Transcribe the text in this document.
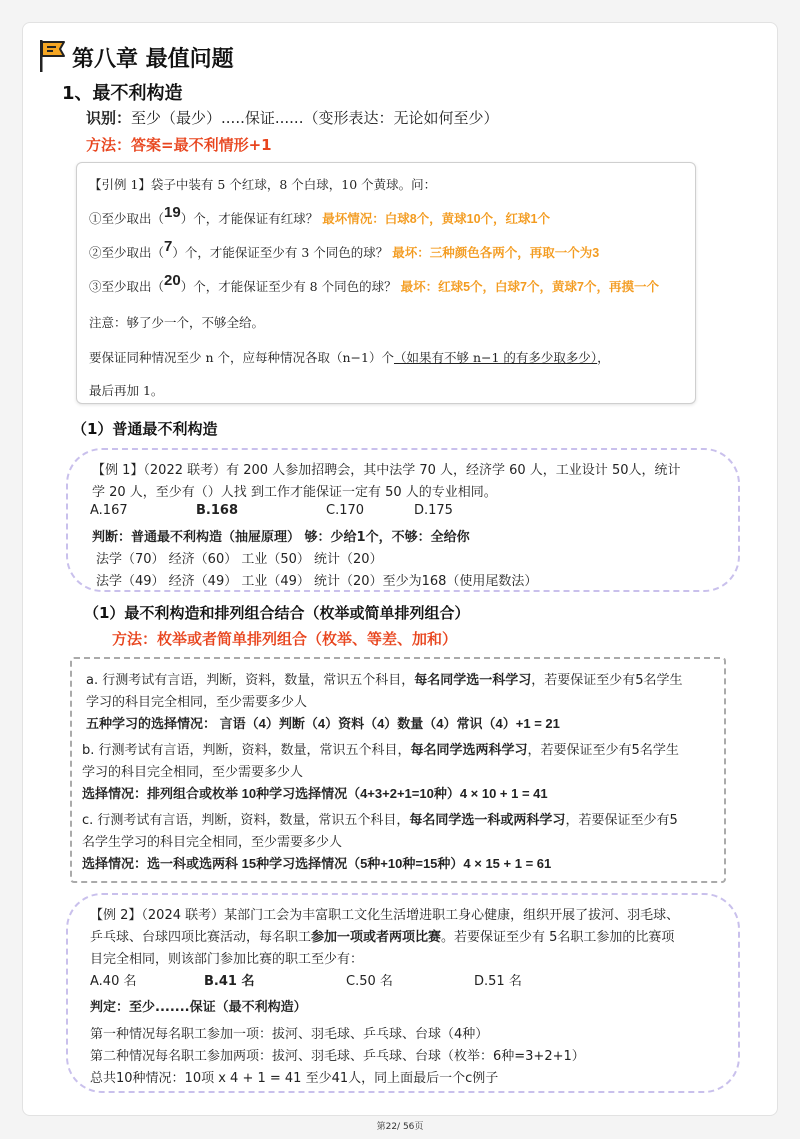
第八章 最值问题
1、最不利构造
识别：至少（最少）.....保证......（变形表达：无论如何至少）
方法：答案=最不利情形+1
【引例 1】袋子中装有 5 个红球，8 个白球，10 个黄球。问：
①至少取出（19）个，才能保证有红球？ 最坏情况：白球8个，黄球10个，红球1个
②至少取出（7）个，才能保证至少有 3 个同色的球？ 最坏：三种颜色各两个，再取一个为3
③至少取出（20）个，才能保证至少有 8 个同色的球？ 最坏：红球5个，白球7个，黄球7个，再摸一个
注意：够了少一个，不够全给。
要保证同种情况至少 n 个，应每种情况各取（n−1）个（如果有不够 n−1 的有多少取多少），
最后再加 1。
（1）普通最不利构造
【例 1】（2022 联考）有 200 人参加招聘会，其中法学 70 人，经济学 60 人，工业设计 50人，统计
学 20 人，至少有（）人找 到工作才能保证一定有 50 人的专业相同。
A.167	B.168	C.170	D.175
判断：普通最不利构造（抽屉原理） 够：少给1个，不够：全给你
法学（70） 经济（60） 工业（50） 统计（20）
法学（49） 经济（49） 工业（49） 统计（20）至少为168（使用尾数法）
（1）最不利构造和排列组合结合（枚举或简单排列组合）
方法：枚举或者简单排列组合（枚举、等差、加和）
a. 行测考试有言语，判断，资料，数量，常识五个科目，每名同学选一科学习，若要保证至少有5名学生
学习的科目完全相同，至少需要多少人
五种学习的选择情况： 言语（4）判断（4）资料（4）数量（4）常识（4）+1 = 21
b. 行测考试有言语，判断，资料，数量，常识五个科目，每名同学选两科学习，若要保证至少有5名学生
学习的科目完全相同，至少需要多少人
选择情况：排列组合或枚举 10种学习选择情况（4+3+2+1=10种）4 × 10 + 1 = 41
c. 行测考试有言语，判断，资料，数量，常识五个科目，每名同学选一科或两科学习，若要保证至少有5
名学生学习的科目完全相同，至少需要多少人
选择情况：选一科或选两科 15种学习选择情况（5种+10种=15种）4 × 15 + 1 = 61
【例 2】（2024 联考）某部门工会为丰富职工文化生活增进职工身心健康，组织开展了拔河、羽毛球、
乒乓球、台球四项比赛活动，每名职工参加一项或者两项比赛。若要保证至少有 5名职工参加的比赛项
目完全相同，则该部门参加比赛的职工至少有：
A.40 名	B.41 名	C.50 名	D.51 名
判定：至少.......保证（最不利构造）
第一种情况每名职工参加一项：拔河、羽毛球、乒乓球、台球（4种）
第二种情况每名职工参加两项：拔河、羽毛球、乒乓球、台球（枚举：6种=3+2+1）
总共10种情况：10项 x 4 + 1 = 41 至少41人，同上面最后一个c例子
第22/ 56页
